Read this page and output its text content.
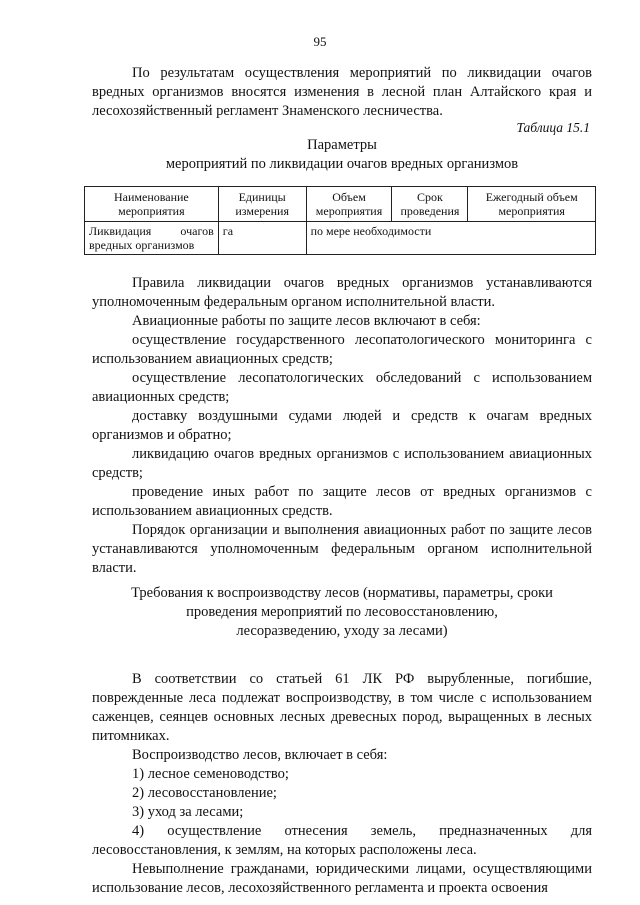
95
По результатам осуществления мероприятий по ликвидации очагов вредных организмов вносятся изменения в лесной план Алтайского края и лесохозяйственный регламент Знаменского лесничества.
Таблица 15.1
Параметры
мероприятий по ликвидации очагов вредных организмов
Наименование мероприятия	Единицы измерения	Объем мероприятия	Срок проведения	Ежегодный объем мероприятия

Ликвидация очагов
вредных организмов	га	по мере необходимости		
Правила ликвидации очагов вредных организмов устанавливаются уполномоченным федеральным органом исполнительной власти.
Авиационные работы по защите лесов включают в себя:
осуществление государственного лесопатологического мониторинга с использованием авиационных средств;
осуществление лесопатологических обследований с использованием авиационных средств;
доставку воздушными судами людей и средств к очагам вредных организмов и обратно;
ликвидацию очагов вредных организмов с использованием авиационных средств;
проведение иных работ по защите лесов от вредных организмов с использованием авиационных средств.
Порядок организации и выполнения авиационных работ по защите лесов устанавливаются уполномоченным федеральным органом исполнительной власти.
Требования к воспроизводству лесов (нормативы, параметры, сроки
проведения мероприятий по лесовосстановлению,
лесоразведению, уходу за лесами)
В соответствии со статьей 61 ЛК РФ вырубленные, погибшие, поврежденные леса подлежат воспроизводству, в том числе с использованием саженцев, сеянцев основных лесных древесных пород, выращенных в лесных питомниках.
Воспроизводство лесов, включает в себя:
1) лесное семеноводство;
2) лесовосстановление;
3) уход за лесами;
4) осуществление отнесения земель, предназначенных для лесовосстановления, к землям, на которых расположены леса.
Невыполнение гражданами, юридическими лицами, осуществляющими использование лесов, лесохозяйственного регламента и проекта освоения
